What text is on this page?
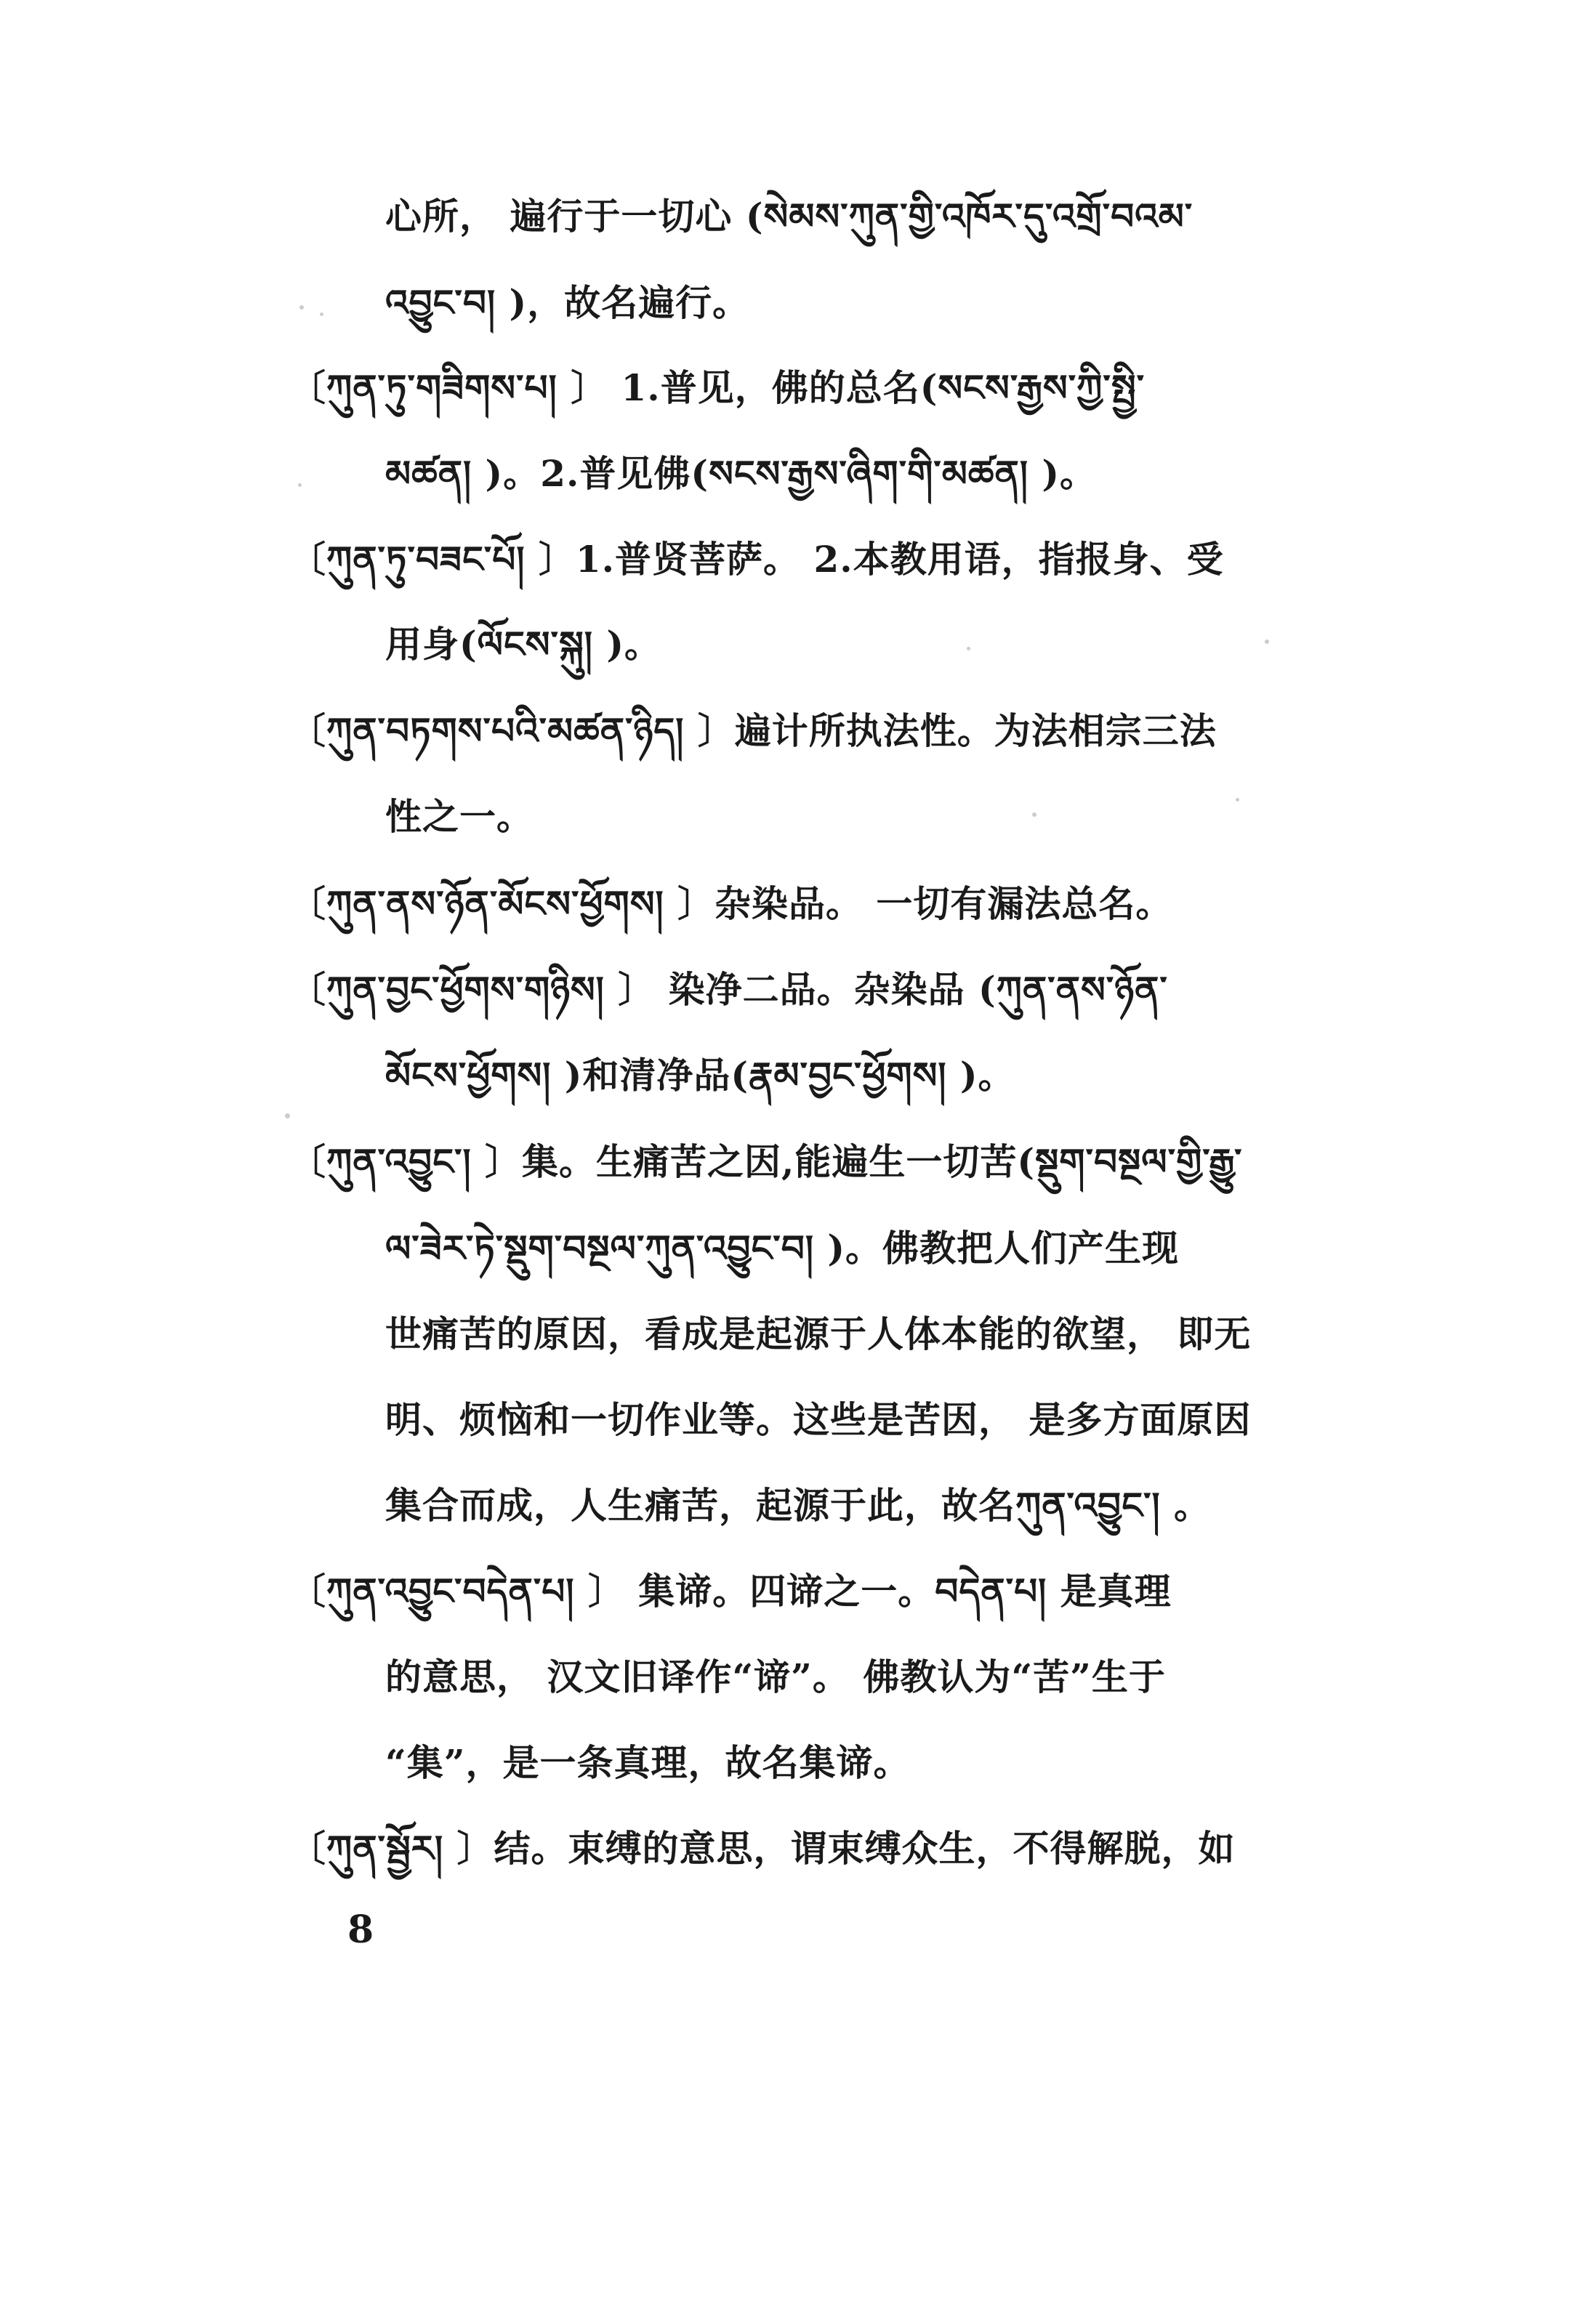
心所， 遍行于一切心 (སེམས་ཀུན་གྱི་འཁོར་དུ་འགྲོ་བའམ་
འབྱུང་བ། )，故名遍行。
〔ཀུན་ཏུ་གཟིགས་པ། 〕 1.普见，佛的总名(སངས་རྒྱས་ཀྱི་སྤྱི་
མཚན། )。2.普见佛(སངས་རྒྱས་ཞིག་གི་མཚན། )。
〔ཀུན་ཏུ་བཟང་པོ། 〕1.普贤菩萨。 2.本教用语，指报身、受
用身(ལོངས་སྐུ། )。
〔ཀུན་བཏགས་པའི་མཚན་ཉིད། 〕遍计所执法性。为法相宗三法
性之一。
〔ཀུན་ནས་ཉོན་མོངས་ཕྱོགས། 〕杂染品。 一切有漏法总名。
〔ཀུན་བྱང་ཕྱོགས་གཉིས། 〕 染净二品。杂染品 (ཀུན་ནས་ཉོན་
མོངས་ཕྱོགས། )和清净品(རྣམ་བྱང་ཕྱོགས། )。
〔ཀུན་འབྱུང་། 〕集。生痛苦之因,能遍生一切苦(སྡུག་བསྔལ་གྱི་རྒྱུ་
ལ་ཟེར་ཏེ་སྡུག་བསྔལ་ཀུན་འབྱུང་བ། )。佛教把人们产生现
世痛苦的原因，看成是起源于人体本能的欲望， 即无
明、烦恼和一切作业等。这些是苦因， 是多方面原因
集合而成，人生痛苦，起源于此，故名ཀུན་འབྱུང་། 。
〔ཀུན་འབྱུང་བདེན་པ། 〕 集谛。四谛之一。བདེན་པ། 是真理
的意思， 汉文旧译作“谛”。 佛教认为“苦”生于
“集”，是一条真理，故名集谛。
〔ཀུན་སྦྱོར། 〕结。束缚的意思，谓束缚众生，不得解脱，如
8
